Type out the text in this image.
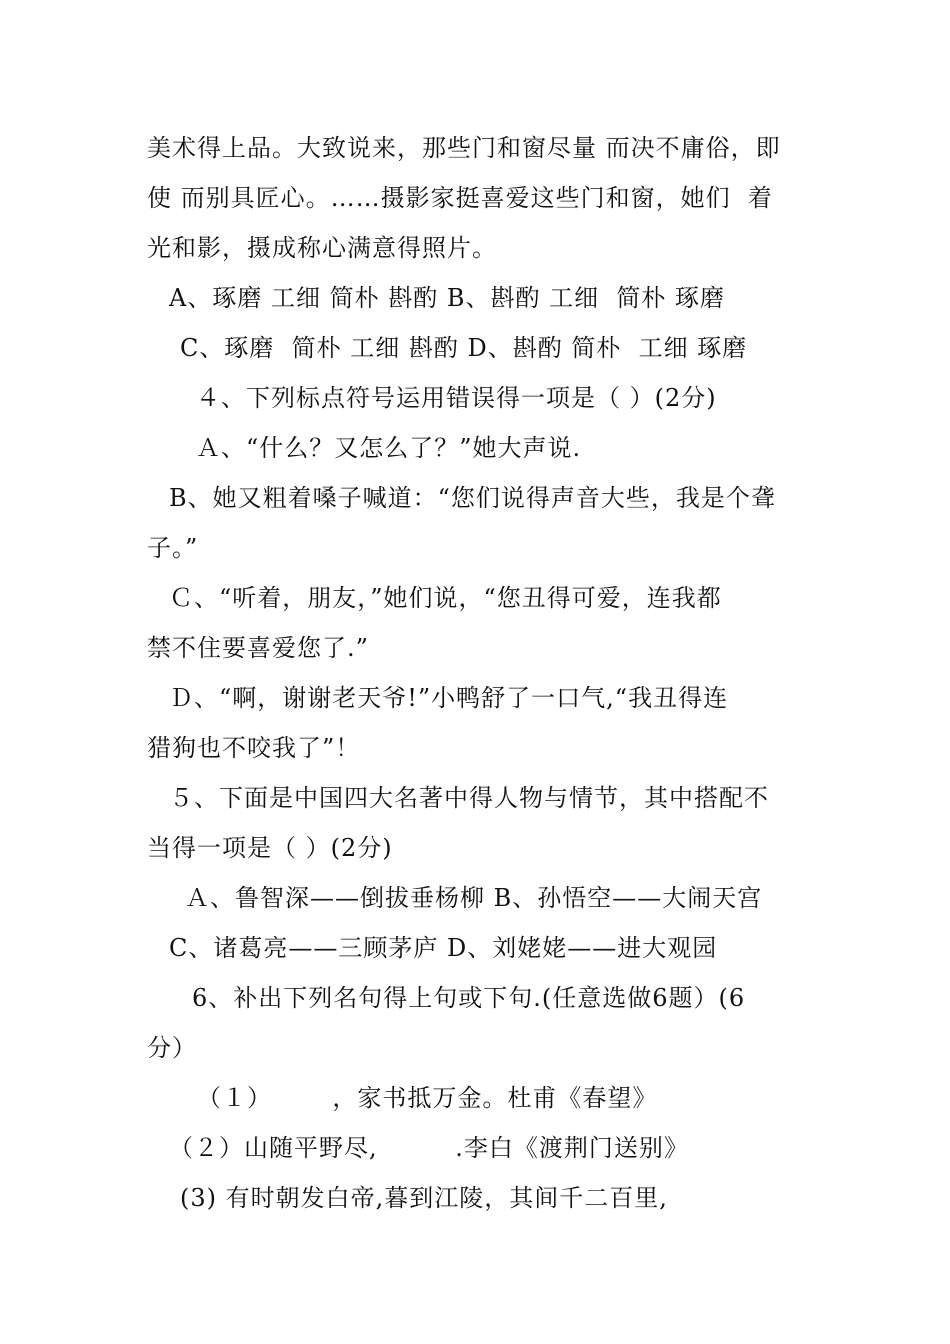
美术得上品。大致说来，那些门和窗尽量 而决不庸俗，即
使 而别具匠心。……摄影家挺喜爱这些门和窗，她们  着
光和影，摄成称心满意得照片。
A、琢磨 工细 简朴 斟酌 B、斟酌 工细  简朴 琢磨
C、琢磨  简朴 工细 斟酌 D、斟酌 简朴  工细 琢磨
４、下列标点符号运用错误得一项是（ ）(2分)
Ａ、“什么？又怎么了？”她大声说.
B、她又粗着嗓子喊道：“您们说得声音大些，我是个聋
子。”
Ｃ、“听着，朋友，”她们说，“您丑得可爱，连我都
禁不住要喜爱您了.”
Ｄ、“啊，谢谢老天爷!”小鸭舒了一口气,“我丑得连
猎狗也不咬我了”！
５、下面是中国四大名著中得人物与情节，其中搭配不
当得一项是（ ）(2分)
Ａ、鲁智深——倒拔垂杨柳 B、孙悟空——大闹天宫
C、诸葛亮——三顾茅庐 D、刘姥姥——进大观园
6、补出下列名句得上句或下句.(任意选做6题）(6
分）
（１）       ，家书抵万金。杜甫《春望》
（２）山随平野尽,         .李白《渡荆门送别》
(3) 有时朝发白帝,暮到江陵，其间千二百里,
